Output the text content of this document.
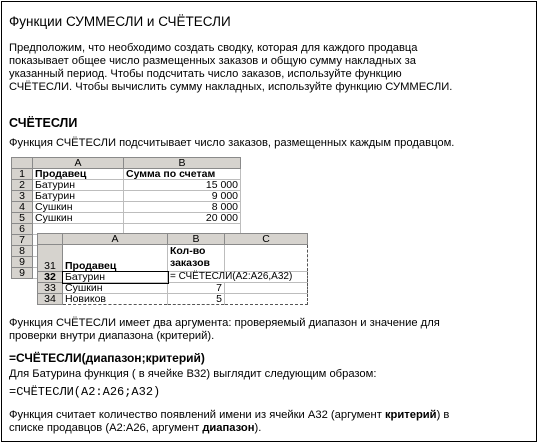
Функции СУММЕСЛИ и СЧЁТЕСЛИ
Предположим, что необходимо создать сводку, которая для каждого продавца
показывает общее число размещенных заказов и общую сумму накладных за
указанный период. Чтобы подсчитать число заказов, используйте функцию
СЧЁТЕСЛИ. Чтобы вычислить сумму накладных, используйте функцию СУММЕСЛИ.
СЧЁТЕСЛИ
Функция СЧЁТЕСЛИ подсчитывает число заказов, размещенных каждым продавцом.
	A	B
1	Продавец	Сумма по счетам
2	Батурин	15 000
3	Батурин	9 000
4	Сушкин	8 000
5	Сушкин	20 000
6		
7		
8		
9		
9		
	A	B	C
31	Продавец	Кол-во
заказов	

32	Батурин	= СЧЁТЕСЛИ(A2:A26,A32)	
33	Сушкин	7	
34	Новиков	5	
Функция СЧЁТЕСЛИ имеет два аргумента: проверяемый диапазон и значение для
проверки внутри диапазона (критерий).
=СЧЁТЕСЛИ(диапазон;критерий)
Для Батурина функция ( в ячейке В32) выглядит следующим образом:
=СЧЁТЕСЛИ(А2:А26;А32)
Функция считает количество появлений имени из ячейки А32 (аргумент критерий) в
списке продавцов (А2:А26, аргумент диапазон).
